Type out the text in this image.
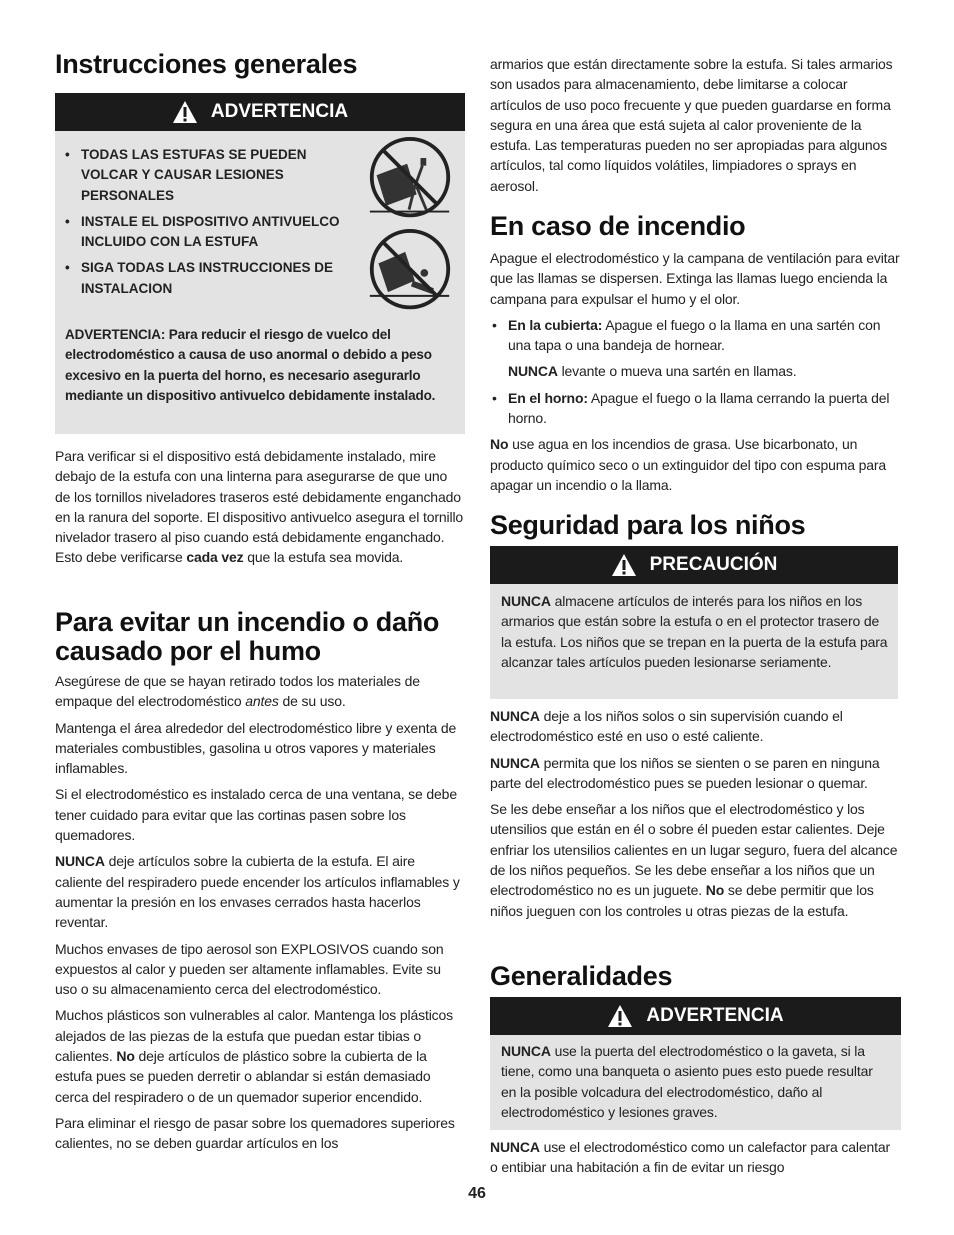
Instrucciones generales
ADVERTENCIA
• TODAS LAS ESTUFAS SE PUEDEN VOLCAR Y CAUSAR LESIONES PERSONALES
• INSTALE EL DISPOSITIVO ANTIVUELCO INCLUIDO CON LA ESTUFA
• SIGA TODAS LAS INSTRUCCIONES DE INSTALACION

ADVERTENCIA: Para reducir el riesgo de vuelco del electrodoméstico a causa de uso anormal o debido a peso excesivo en la puerta del horno, es necesario asegurarlo mediante un dispositivo antivuelco debidamente instalado.

Para verificar si el dispositivo está debidamente instalado, mire debajo de la estufa con una linterna para asegurarse de que uno de los tornillos niveladores traseros esté debidamente enganchado en la ranura del soporte. El dispositivo antivuelco asegura el tornillo nivelador trasero al piso cuando está debidamente enganchado. Esto debe verificarse cada vez que la estufa sea movida.

Para evitar un incendio o daño causado por el humo

Asegúrese de que se hayan retirado todos los materiales de empaque del electrodoméstico antes de su uso.

Mantenga el área alrededor del electrodoméstico libre y exenta de materiales combustibles, gasolina u otros vapores y materiales inflamables.

Si el electrodoméstico es instalado cerca de una ventana, se debe tener cuidado para evitar que las cortinas pasen sobre los quemadores.

NUNCA deje artículos sobre la cubierta de la estufa. El aire caliente del respiradero puede encender los artículos inflamables y aumentar la presión en los envases cerrados hasta hacerlos reventar.

Muchos envases de tipo aerosol son EXPLOSIVOS cuando son expuestos al calor y pueden ser altamente inflamables. Evite su uso o su almacenamiento cerca del electrodoméstico.

Muchos plásticos son vulnerables al calor. Mantenga los plásticos alejados de las piezas de la estufa que puedan estar tibias o calientes. No deje artículos de plástico sobre la cubierta de la estufa pues se pueden derretir o ablandar si están demasiado cerca del respiradero o de un quemador superior encendido.

Para eliminar el riesgo de pasar sobre los quemadores superiores calientes, no se deben guardar artículos en los

armarios que están directamente sobre la estufa. Si tales armarios son usados para almacenamiento, debe limitarse a colocar artículos de uso poco frecuente y que pueden guardarse en forma segura en una área que está sujeta al calor proveniente de la estufa. Las temperaturas pueden no ser apropiadas para algunos artículos, tal como líquidos volátiles, limpiadores o sprays en aerosol.

En caso de incendio

Apague el electrodoméstico y la campana de ventilación para evitar que las llamas se dispersen. Extinga las llamas luego encienda la campana para expulsar el humo y el olor.

• En la cubierta: Apague el fuego o la llama en una sartén con una tapa o una bandeja de hornear.

NUNCA levante o mueva una sartén en llamas.

• En el horno: Apague el fuego o la llama cerrando la puerta del horno.

No use agua en los incendios de grasa. Use bicarbonato, un producto químico seco o un extinguidor del tipo con espuma para apagar un incendio o la llama.

Seguridad para los niños
PRECAUCIÓN

NUNCA almacene artículos de interés para los niños en los armarios que están sobre la estufa o en el protector trasero de la estufa. Los niños que se trepan en la puerta de la estufa para alcanzar tales artículos pueden lesionarse seriamente.

NUNCA deje a los niños solos o sin supervisión cuando el electrodoméstico esté en uso o esté caliente.

NUNCA permita que los niños se sienten o se paren en ninguna parte del electrodoméstico pues se pueden lesionar o quemar.

Se les debe enseñar a los niños que el electrodoméstico y los utensilios que están en él o sobre él pueden estar calientes. Deje enfriar los utensilios calientes en un lugar seguro, fuera del alcance de los niños pequeños. Se les debe enseñar a los niños que un electrodoméstico no es un juguete. No se debe permitir que los niños jueguen con los controles u otras piezas de la estufa.

Generalidades
ADVERTENCIA

NUNCA use la puerta del electrodoméstico o la gaveta, si la tiene, como una banqueta o asiento pues esto puede resultar en la posible volcadura del electrodoméstico, daño al electrodoméstico y lesiones graves.

NUNCA use el electrodoméstico como un calefactor para calentar o entibiar una habitación a fin de evitar un riesgo

46
